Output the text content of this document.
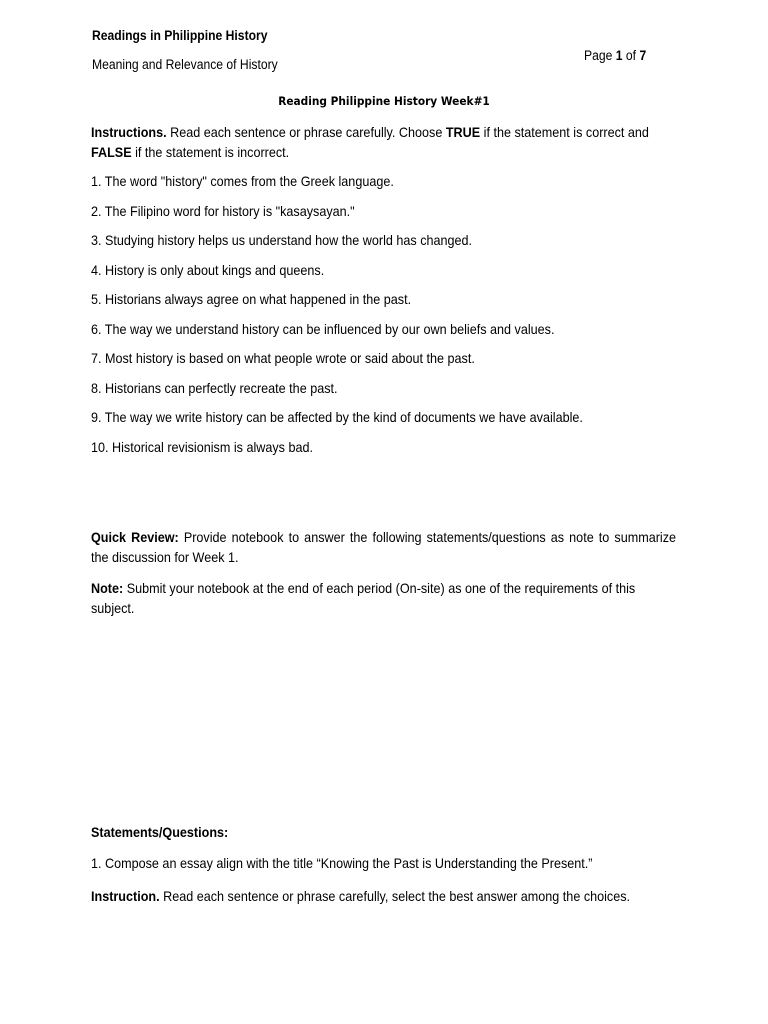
Readings in Philippine History
Meaning and Relevance of History
Page 1 of 7
Reading Philippine History Week#1
Instructions. Read each sentence or phrase carefully. Choose TRUE if the statement is correct and FALSE if the statement is incorrect.
1. The word "history" comes from the Greek language.
2. The Filipino word for history is "kasaysayan."
3. Studying history helps us understand how the world has changed.
4. History is only about kings and queens.
5. Historians always agree on what happened in the past.
6. The way we understand history can be influenced by our own beliefs and values.
7. Most history is based on what people wrote or said about the past.
8. Historians can perfectly recreate the past.
9. The way we write history can be affected by the kind of documents we have available.
10. Historical revisionism is always bad.
Quick Review: Provide notebook to answer the following statements/questions as note to summarize the discussion for Week 1.
Note: Submit your notebook at the end of each period (On-site) as one of the requirements of this subject.
Statements/Questions:
1. Compose an essay align with the title “Knowing the Past is Understanding the Present.”
Instruction. Read each sentence or phrase carefully, select the best answer among the choices.
